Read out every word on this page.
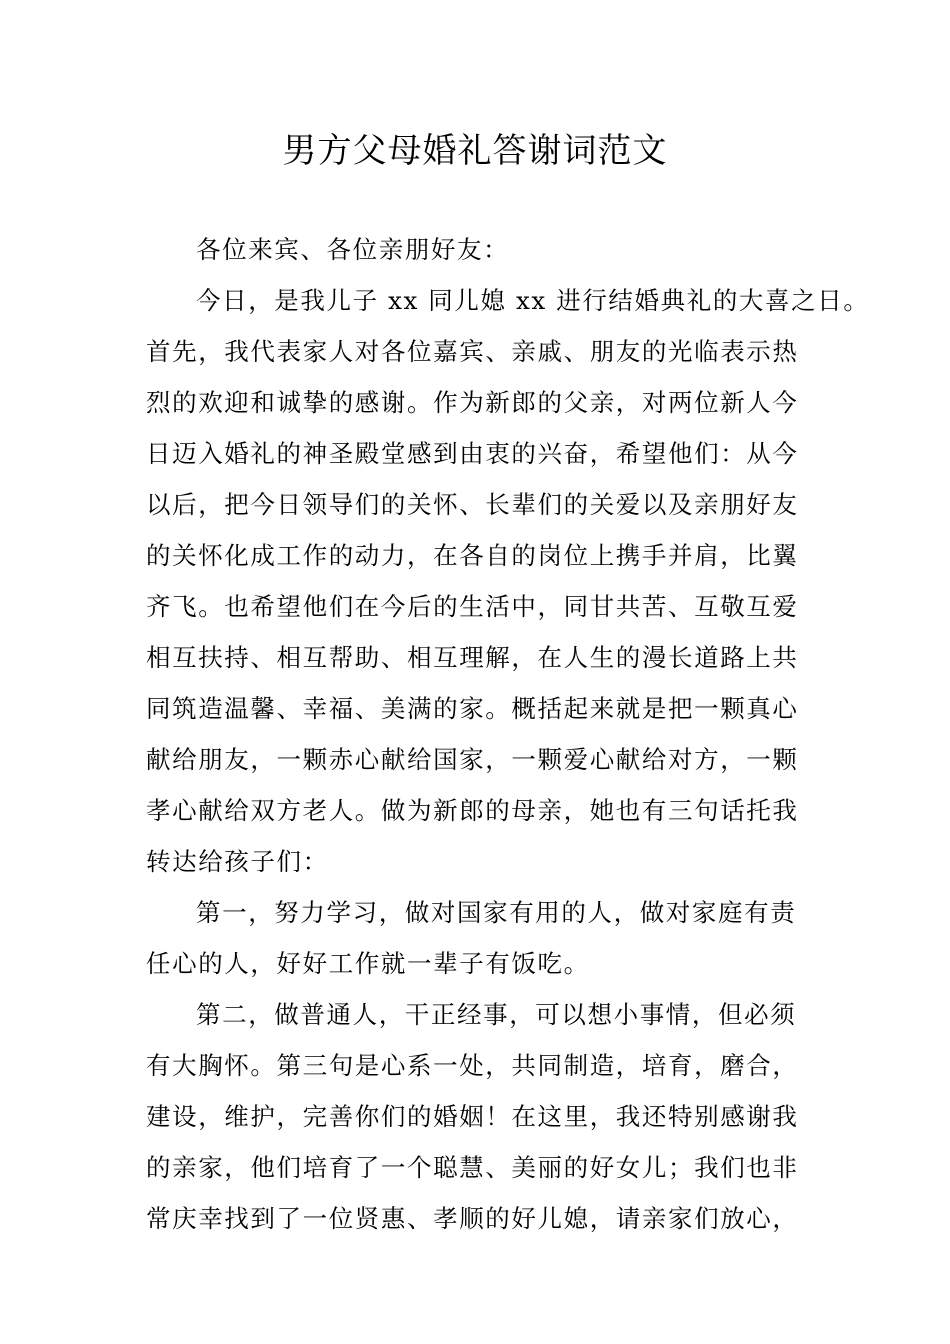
男方父母婚礼答谢词范文
各位来宾、各位亲朋好友：
今日，是我儿子 xx 同儿媳 xx 进行结婚典礼的大喜之日。
首先，我代表家人对各位嘉宾、亲戚、朋友的光临表示热
烈的欢迎和诚挚的感谢。作为新郎的父亲，对两位新人今
日迈入婚礼的神圣殿堂感到由衷的兴奋，希望他们：从今
以后，把今日领导们的关怀、长辈们的关爱以及亲朋好友
的关怀化成工作的动力，在各自的岗位上携手并肩，比翼
齐飞。也希望他们在今后的生活中，同甘共苦、互敬互爱
相互扶持、相互帮助、相互理解，在人生的漫长道路上共
同筑造温馨、幸福、美满的家。概括起来就是把一颗真心
献给朋友，一颗赤心献给国家，一颗爱心献给对方，一颗
孝心献给双方老人。做为新郎的母亲，她也有三句话托我
转达给孩子们：
第一，努力学习，做对国家有用的人，做对家庭有责
任心的人，好好工作就一辈子有饭吃。
第二，做普通人，干正经事，可以想小事情，但必须
有大胸怀。第三句是心系一处，共同制造，培育，磨合，
建设，维护，完善你们的婚姻！在这里，我还特别感谢我
的亲家，他们培育了一个聪慧、美丽的好女儿；我们也非
常庆幸找到了一位贤惠、孝顺的好儿媳，请亲家们放心，
